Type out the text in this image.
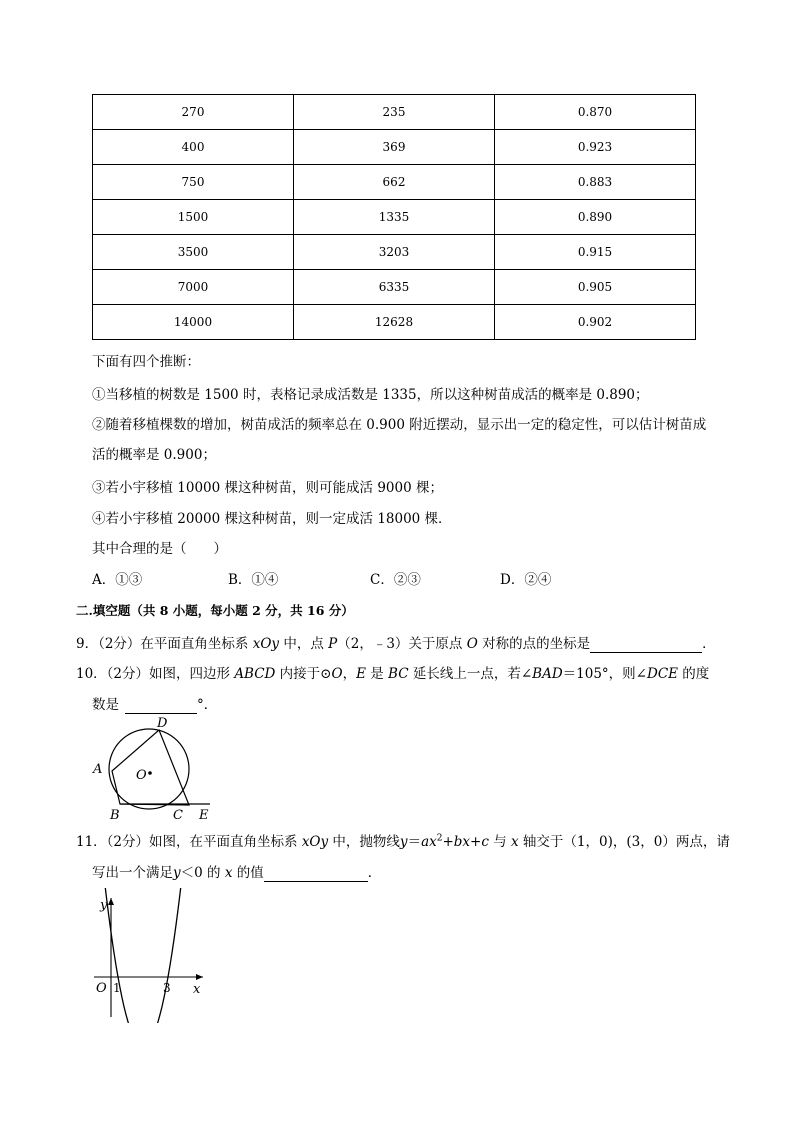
270	235	0.870
400	369	0.923
750	662	0.883
1500	1335	0.890
3500	3203	0.915
7000	6335	0.905
14000	12628	0.902
下面有四个推断：
①当移植的树数是 1500 时，表格记录成活数是 1335，所以这种树苗成活的概率是 0.890；
②随着移植棵数的增加，树苗成活的频率总在 0.900 附近摆动，显示出一定的稳定性，可以估计树苗成
活的概率是 0.900；
③若小宇移植 10000 棵这种树苗，则可能成活 9000 棵；
④若小宇移植 20000 棵这种树苗，则一定成活 18000 棵．
其中合理的是（　　）
A．①③	B．①④	C．②③	D．②④
二.填空题（共 8 小题，每小题 2 分，共 16 分）
9．（2分）在平面直角坐标系 xOy 中，点 P（2，﹣3）关于原点 O 对称的点的坐标是	．
10．（2分）如图，四边形 ABCD 内接于⊙O，E 是 BC 延长线上一点，若∠BAD＝105°，则∠DCE 的度
数是	°．
A
D
O
B	C E
11．（2分）如图，在平面直角坐标系 xOy 中，抛物线$y=ax^2+bx+c$ 与 x 轴交于（1，0)，(3，0）两点，请
写出一个满足y＜0 的 x 的值	．
y
x
O 1	3
